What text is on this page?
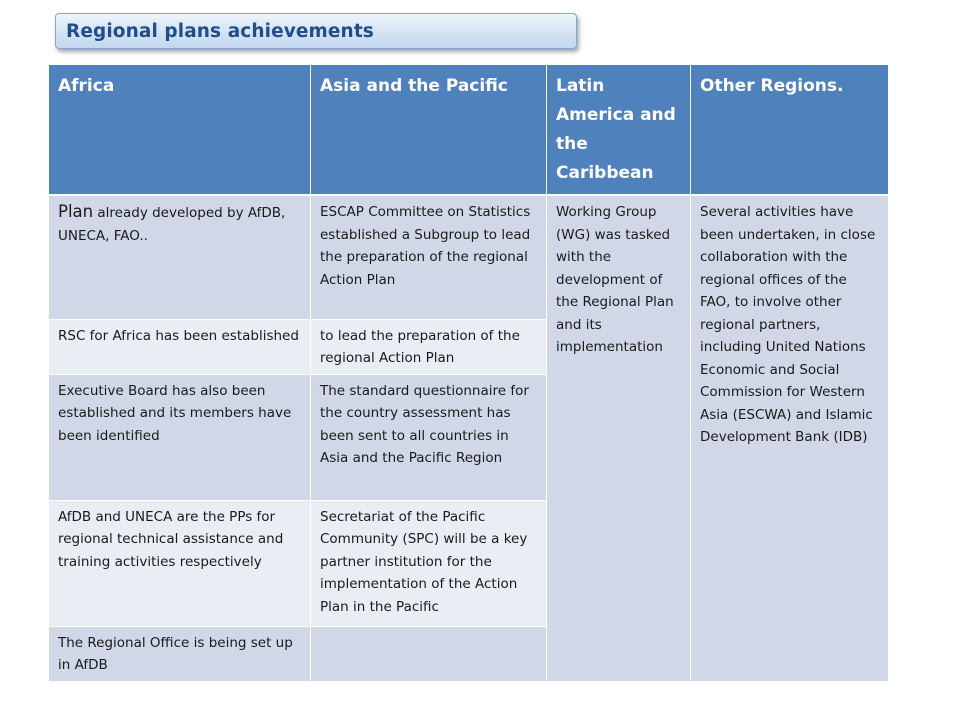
Regional plans achievements
Africa	Asia and the Pacific	Latin America and the Caribbean	Other Regions.
Plan already developed by AfDB, UNECA, FAO..	ESCAP Committee on Statistics established a Subgroup to lead the preparation of the regional Action Plan	Working Group (WG) was tasked with the development of the Regional Plan and its implementation	Several activities have been undertaken, in close collaboration with the regional offices of the FAO, to involve other regional partners, including United Nations Economic and Social Commission for Western Asia (ESCWA) and Islamic Development Bank (IDB)
RSC for Africa has been established	to lead the preparation of the regional Action Plan		
Executive Board has also been established and its members have been identified	The standard questionnaire for the country assessment has been sent to all countries in Asia and the Pacific Region		
AfDB and UNECA are the PPs for regional technical assistance and training activities respectively	Secretariat of the Pacific Community (SPC) will be a key partner institution for the implementation of the Action Plan in the Pacific		
The Regional Office is being set up in AfDB			
